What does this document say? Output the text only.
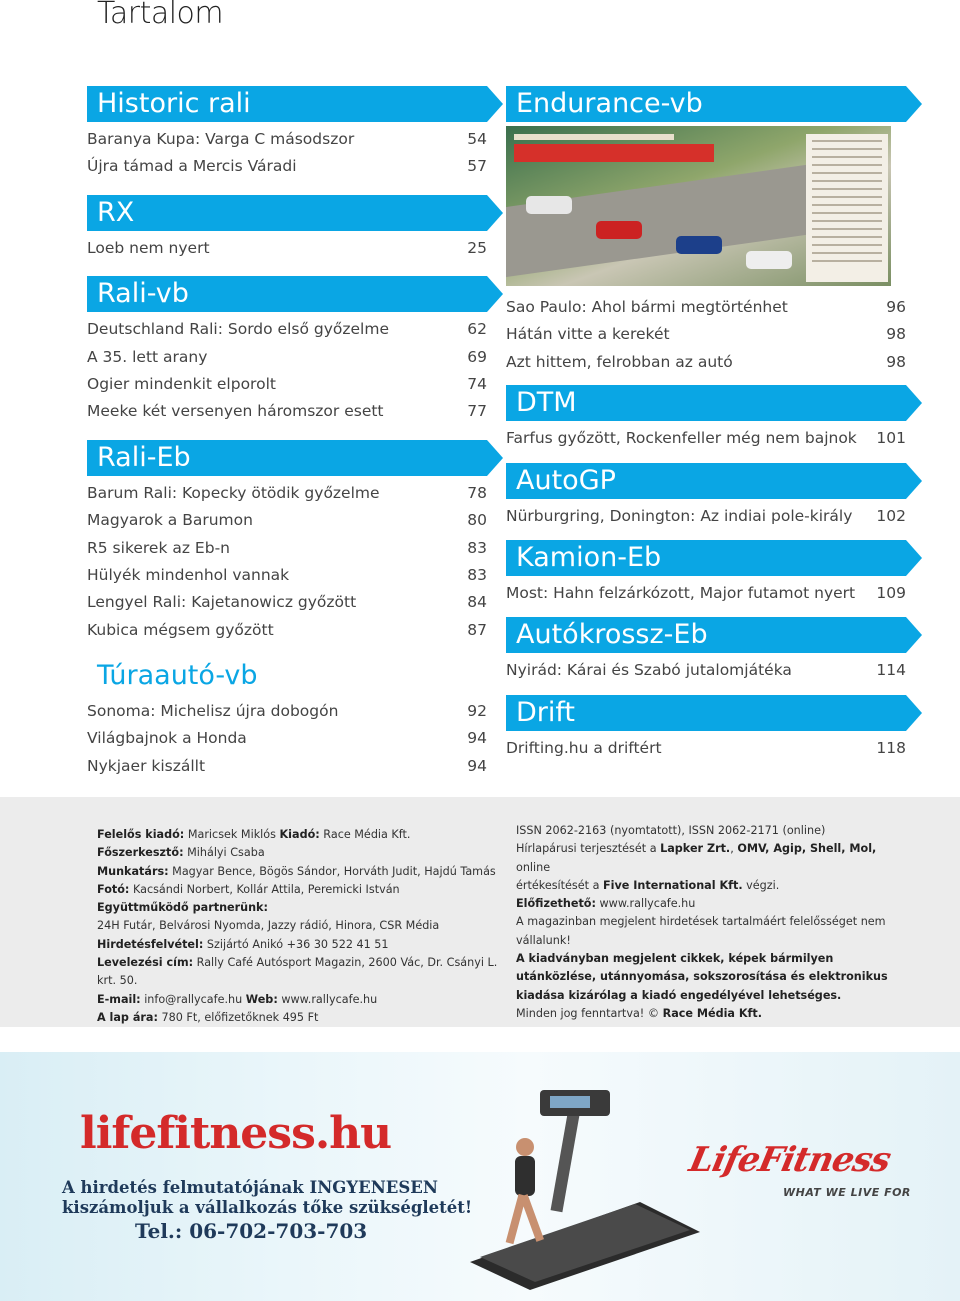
Tartalom
Historic rali
Baranya Kupa: Varga C másodszor	54
Újra támad a Mercis Váradi	57
RX
Loeb nem nyert	25
Rali-vb
Deutschland Rali: Sordo első győzelme	62
A 35. lett arany	69
Ogier mindenkit elporolt	74
Meeke két versenyen háromszor esett	77
Rali-Eb
Barum Rali: Kopecky ötödik győzelme	78
Magyarok a Barumon	80
R5 sikerek az Eb-n	83
Hülyék mindenhol vannak	83
Lengyel Rali: Kajetanowicz győzött	84
Kubica mégsem győzött	87
Túraautó-vb
Sonoma: Michelisz újra dobogón	92
Világbajnok a Honda	94
Nykjaer kiszállt	94
Endurance-vb
Sao Paulo: Ahol bármi megtörténhet	96
Hátán vitte a kerekét	98
Azt hittem, felrobban az autó	98
DTM
Farfus győzött, Rockenfeller még nem bajnok 101
AutoGP
Nürburgring, Donington: Az indiai pole-király 102
Kamion-Eb
Most: Hahn felzárkózott, Major futamot nyert 109
Autókrossz-Eb
Nyirád: Kárai és Szabó jutalomjátéka	114
Drift
Drifting.hu a driftért	118
Felelős kiadó: Maricsek Miklós Kiadó: Race Média Kft.
Főszerkesztő: Mihályi Csaba
Munkatárs: Magyar Bence, Bögös Sándor, Horváth Judit, Hajdú Tamás
Fotó: Kacsándi Norbert, Kollár Attila, Peremicki István
Együttműködő partnerünk:
24H Futár, Belvárosi Nyomda, Jazzy rádió, Hinora, CSR Média
Hirdetésfelvétel: Szijártó Anikó +36 30 522 41 51
Levelezési cím: Rally Café Autósport Magazin, 2600 Vác, Dr. Csányi L. krt. 50.
E-mail: info@rallycafe.hu Web: www.rallycafe.hu
A lap ára: 780 Ft, előfizetőknek 495 Ft
ISSN 2062-2163 (nyomtatott), ISSN 2062-2171 (online)
Hírlapárusi terjesztését a Lapker Zrt., OMV, Agip, Shell, Mol, online
értékesítését a Five International Kft. végzi.
Előfizethető: www.rallycafe.hu
A magazinban megjelent hirdetések tartalmáért felelősséget nem vállalunk!
A kiadványban megjelent cikkek, képek bármilyen utánközlése, utánnyomása, sokszorosítása és elektronikus kiadása kizárólag a kiadó engedélyével lehetséges.
Minden jog fenntartva! © Race Média Kft.
lifefitness.hu
A hirdetés felmutatójának INGYENESEN
kiszámoljuk a vállalkozás tőke szükségletét!
Tel.: 06-702-703-703
LifeFitness
WHAT WE LIVE FOR
